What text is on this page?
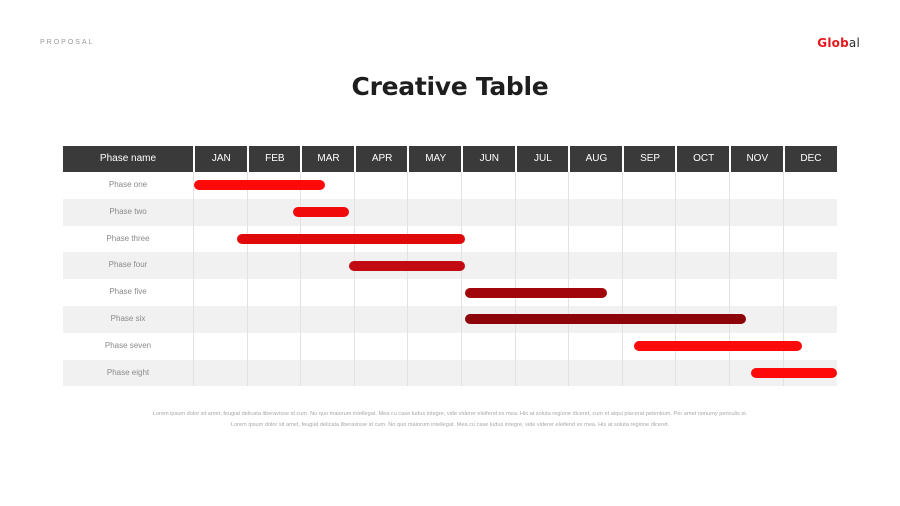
PROPOSAL	Global
Creative Table
Phase name	JAN	FEB	MAR	APR	MAY	JUN	JUL	AUG	SEP	OCT	NOV	DEC
Phase one
Phase two
Phase three
Phase four
Phase five
Phase six
Phase seven
Phase eight
Lorem ipsum dolor sit amet, feugiat delicata liberavisse id cum. No quo maiorum intellegat. Mea cu case ludus integre, vide viderer eleifend ex mea. His at soluta regione diceret, cum et atqui placerat petentium. Per amet nonumy periculis ei. Lorem ipsum dolor sit amet, feugiat delicata liberavisse id cum. No quo maiorum intellegat. Mea cu case ludus integre, vide viderer eleifend ex mea. His at soluta regione diceret.
